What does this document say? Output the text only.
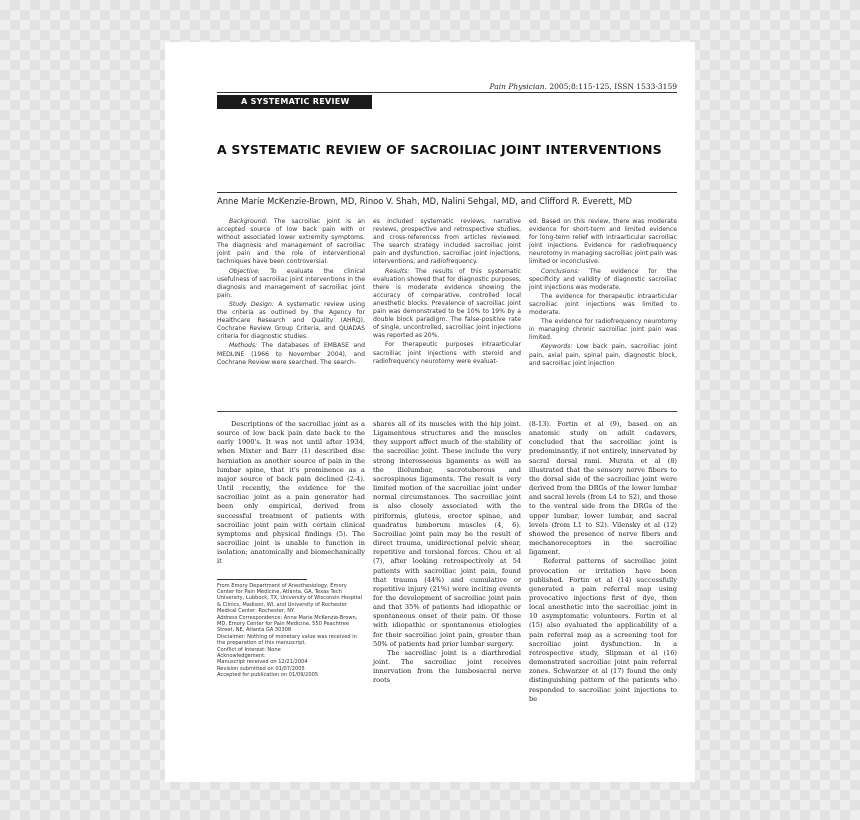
Pain Physician. 2005;8:115-125, ISSN 1533-3159
A SYSTEMATIC REVIEW
A SYSTEMATIC REVIEW OF SACROILIAC JOINT INTERVENTIONS
Anne Marie McKenzie-Brown, MD, Rinoo V. Shah, MD, Nalini Sehgal, MD, and Clifford R. Everett, MD

Background: The sacroiliac joint is an accepted source of low back pain with or without associated lower extremity symptoms. The diagnosis and management of sacroiliac joint pain and the role of interventional techniques have been controversial.

Objective: To evaluate the clinical usefulness of sacroiliac joint interventions in the diagnosis and management of sacroiliac joint pain.

Study Design: A systematic review using the criteria as outlined by the Agency for Healthcare Research and Quality (AHRQ), Cochrane Review Group Criteria, and QUADAS criteria for diagnostic studies.

Methods: The databases of EMBASE and MEDLINE (1966 to November 2004), and Cochrane Review were searched. The search-

es included systematic reviews, narrative reviews, prospective and retrospective studies, and cross-references from articles reviewed. The search strategy included sacroiliac joint pain and dysfunction, sacroiliac joint injections, interventions, and radiofrequency.

Results: The results of this systematic evaluation showed that for diagnostic purposes, there is moderate evidence showing the accuracy of comparative, controlled local anesthetic blocks. Prevalence of sacroiliac joint pain was demonstrated to be 10% to 19% by a double block paradigm. The false-positive rate of single, uncontrolled, sacroiliac joint injections was reported as 20%.

For therapeutic purposes intraarticular sacroiliac joint injections with steroid and radiofrequency neurotomy were evaluat-

ed. Based on this review, there was moderate evidence for short-term and limited evidence for long-term relief with intraarticular sacroiliac joint injections. Evidence for radiofrequency neurotomy in managing sacroiliac joint pain was limited or inconclusive.

Conclusions: The evidence for the specificity and validity of diagnostic sacroiliac joint injections was moderate.

The evidence for therapeutic intraarticular sacroiliac joint injections was limited to moderate.

The evidence for radiofrequency neurotomy in managing chronic sacroiliac joint pain was limited.

Keywords: Low back pain, sacroiliac joint pain, axial pain, spinal pain, diagnostic block, and sacroiliac joint injection

Descriptions of the sacroiliac joint as a source of low back pain date back to the early 1900's. It was not until after 1934, when Mixter and Barr (1) described disc herniation as another source of pain in the lumbar spine, that it's prominence as a major source of back pain declined (2-4). Until recently, the evidence for the sacroiliac joint as a pain generator had been only empirical, derived from successful treatment of patients with sacroiliac joint pain with certain clinical symptoms and physical findings (5). The sacroiliac joint is unable to function in isolation; anatomically and biomechanically it

From Emory Department of Anesthesiology, Emory Center for Pain Medicine, Atlanta, GA, Texas Tech University, Lubbock, TX, University of Wisconsin Hospital & Clinics, Madison, WI, and University of Rochester Medical Center, Rochester, NY.
Address Correspondence: Anne Marie McKenzie-Brown, MD, Emory Center for Pain Medicine, 550 Peachtree Street, NE, Atlanta GA 30308
Disclaimer: Nothing of monetary value was received in the preparation of this manuscript.
Conflict of Interest: None
Acknowledgement:
Manuscript received on 12/21/2004
Revision submitted on 01/07/2005
Accepted for publication on 01/09/2005

shares all of its muscles with the hip joint. Ligamentous structures and the muscles they support affect much of the stability of the sacroiliac joint. These include the very strong interosseous ligaments as well as the iliolumbar, sacrotuberous and sacrospinous ligaments. The result is very limited motion of the sacroiliac joint under normal circumstances. The sacroiliac joint is also closely associated with the piriformis, gluteus, erector spinae, and quadratus lumborum muscles (4, 6). Sacroiliac joint pain may be the result of direct trauma, unidirectional pelvic shear, repetitive and torsional forces. Chou et al (7), after looking retrospectively at 54 patients with sacroiliac joint pain, found that trauma (44%) and cumulative or repetitive injury (21%) were inciting events for the development of sacroiliac joint pain and that 35% of patients had idiopathic or spontaneous onset of their pain. Of those with idiopathic or spontaneous etiologies for their sacroiliac joint pain, greater than 50% of patients had prior lumbar surgery.

The sacroiliac joint is a diarthrodial joint. The sacroiliac joint receives innervation from the lumbosacral nerve roots

(8-13). Fortin et al (9), based on an anatomic study on adult cadavers, concluded that the sacroiliac joint is predominantly, if not entirely, innervated by sacral dorsal rami. Murata et al (8) illustrated that the sensory nerve fibers to the dorsal side of the sacroiliac joint were derived from the DRGs of the lower lumbar and sacral levels (from L4 to S2), and those to the ventral side from the DRGs of the upper lumbar, lower lumbar, and sacral levels (from L1 to S2). Vilensky et al (12) showed the presence of nerve fibers and mechanoreceptors in the sacroiliac ligament.

Referral patterns of sacroiliac joint provocation or irritation have been published. Fortin et al (14) successfully generated a pain referral map using provocative injections first of dye, then local anesthetic into the sacroiliac joint in 10 asymptomatic volunteers. Fortin et al (15) also evaluated the applicability of a pain referral map as a screening tool for sacroiliac joint dysfunction. In a retrospective study, Slipman et al (16) demonstrated sacroiliac joint pain referral zones. Schwarzer et al (17) found the only distinguishing pattern of the patients who responded to sacroiliac joint injections to be
